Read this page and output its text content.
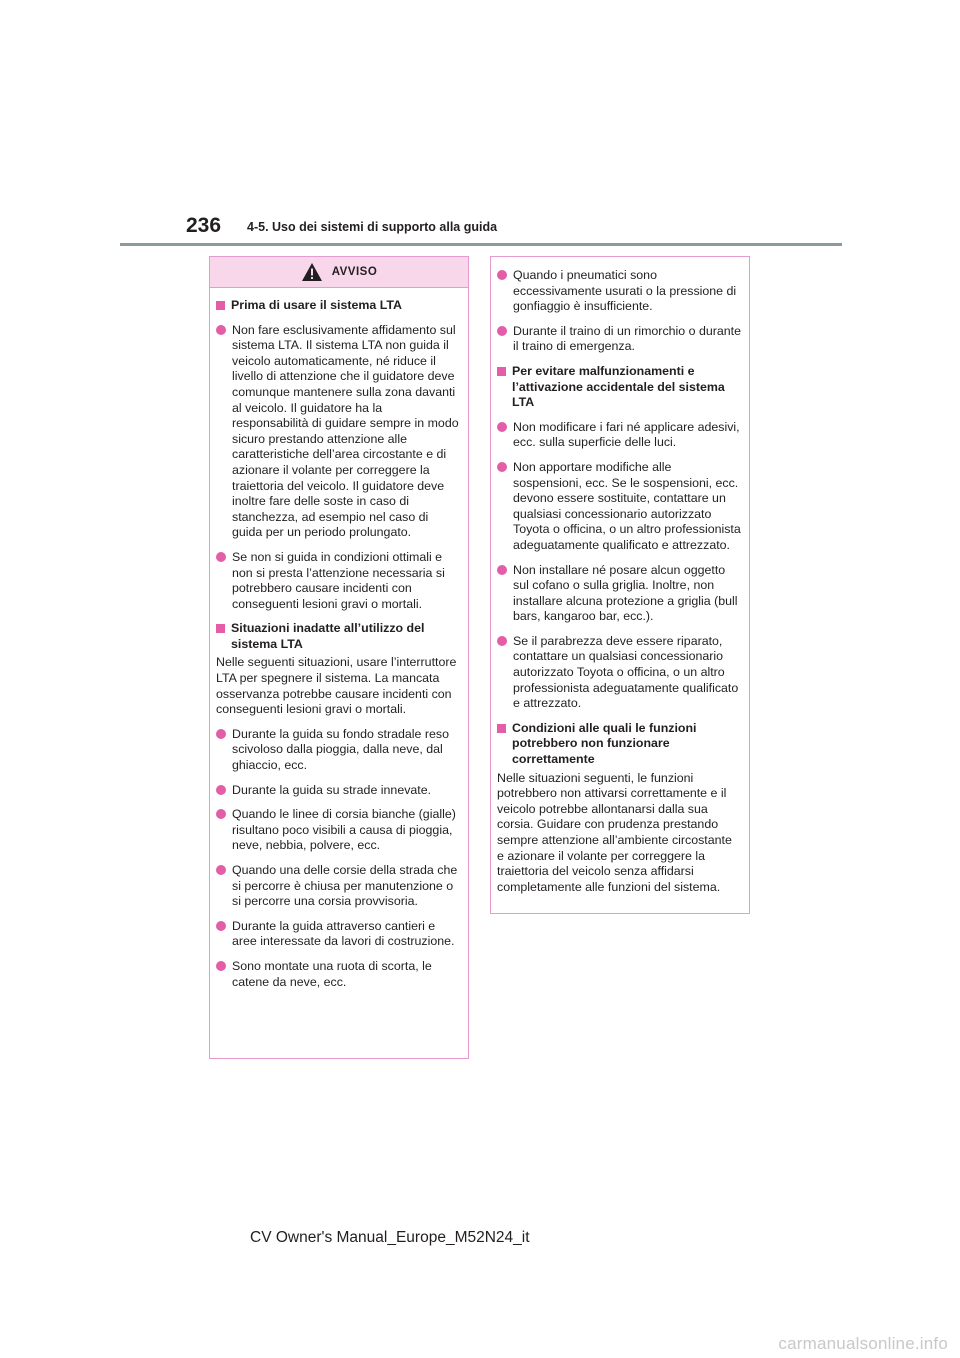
236 4-5. Uso dei sistemi di supporto alla guida
AVVISO
Prima di usare il sistema LTA
Non fare esclusivamente affidamento sul sistema LTA. Il sistema LTA non guida il veicolo automaticamente, né riduce il livello di attenzione che il guidatore deve comunque mantenere sulla zona davanti al veicolo. Il guidatore ha la responsabilità di guidare sempre in modo sicuro prestando attenzione alle caratteristiche dell’area circostante e di azionare il volante per correggere la traiettoria del veicolo. Il guidatore deve inoltre fare delle soste in caso di stanchezza, ad esempio nel caso di guida per un periodo prolungato.
Se non si guida in condizioni ottimali e non si presta l’attenzione necessaria si potrebbero causare incidenti con conseguenti lesioni gravi o mortali.
Situazioni inadatte all’utilizzo del sistema LTA
Nelle seguenti situazioni, usare l’interruttore LTA per spegnere il sistema. La mancata osservanza potrebbe causare incidenti con conseguenti lesioni gravi o mortali.
Durante la guida su fondo stradale reso scivoloso dalla pioggia, dalla neve, dal ghiaccio, ecc.
Durante la guida su strade innevate.
Quando le linee di corsia bianche (gialle) risultano poco visibili a causa di pioggia, neve, nebbia, polvere, ecc.
Quando una delle corsie della strada che si percorre è chiusa per manutenzione o si percorre una corsia provvisoria.
Durante la guida attraverso cantieri e aree interessate da lavori di costruzione.
Sono montate una ruota di scorta, le catene da neve, ecc.
Quando i pneumatici sono eccessivamente usurati o la pressione di gonfiaggio è insufficiente.
Durante il traino di un rimorchio o durante il traino di emergenza.
Per evitare malfunzionamenti e l’attivazione accidentale del sistema LTA
Non modificare i fari né applicare adesivi, ecc. sulla superficie delle luci.
Non apportare modifiche alle sospensioni, ecc. Se le sospensioni, ecc. devono essere sostituite, contattare un qualsiasi concessionario autorizzato Toyota o officina, o un altro professionista adeguatamente qualificato e attrezzato.
Non installare né posare alcun oggetto sul cofano o sulla griglia. Inoltre, non installare alcuna protezione a griglia (bull bars, kangaroo bar, ecc.).
Se il parabrezza deve essere riparato, contattare un qualsiasi concessionario autorizzato Toyota o officina, o un altro professionista adeguatamente qualificato e attrezzato.
Condizioni alle quali le funzioni potrebbero non funzionare correttamente
Nelle situazioni seguenti, le funzioni potrebbero non attivarsi correttamente e il veicolo potrebbe allontanarsi dalla sua corsia. Guidare con prudenza prestando sempre attenzione all’ambiente circostante e azionare il volante per correggere la traiettoria del veicolo senza affidarsi completamente alle funzioni del sistema.
CV Owner's Manual_Europe_M52N24_it
carmanualsonline.info
